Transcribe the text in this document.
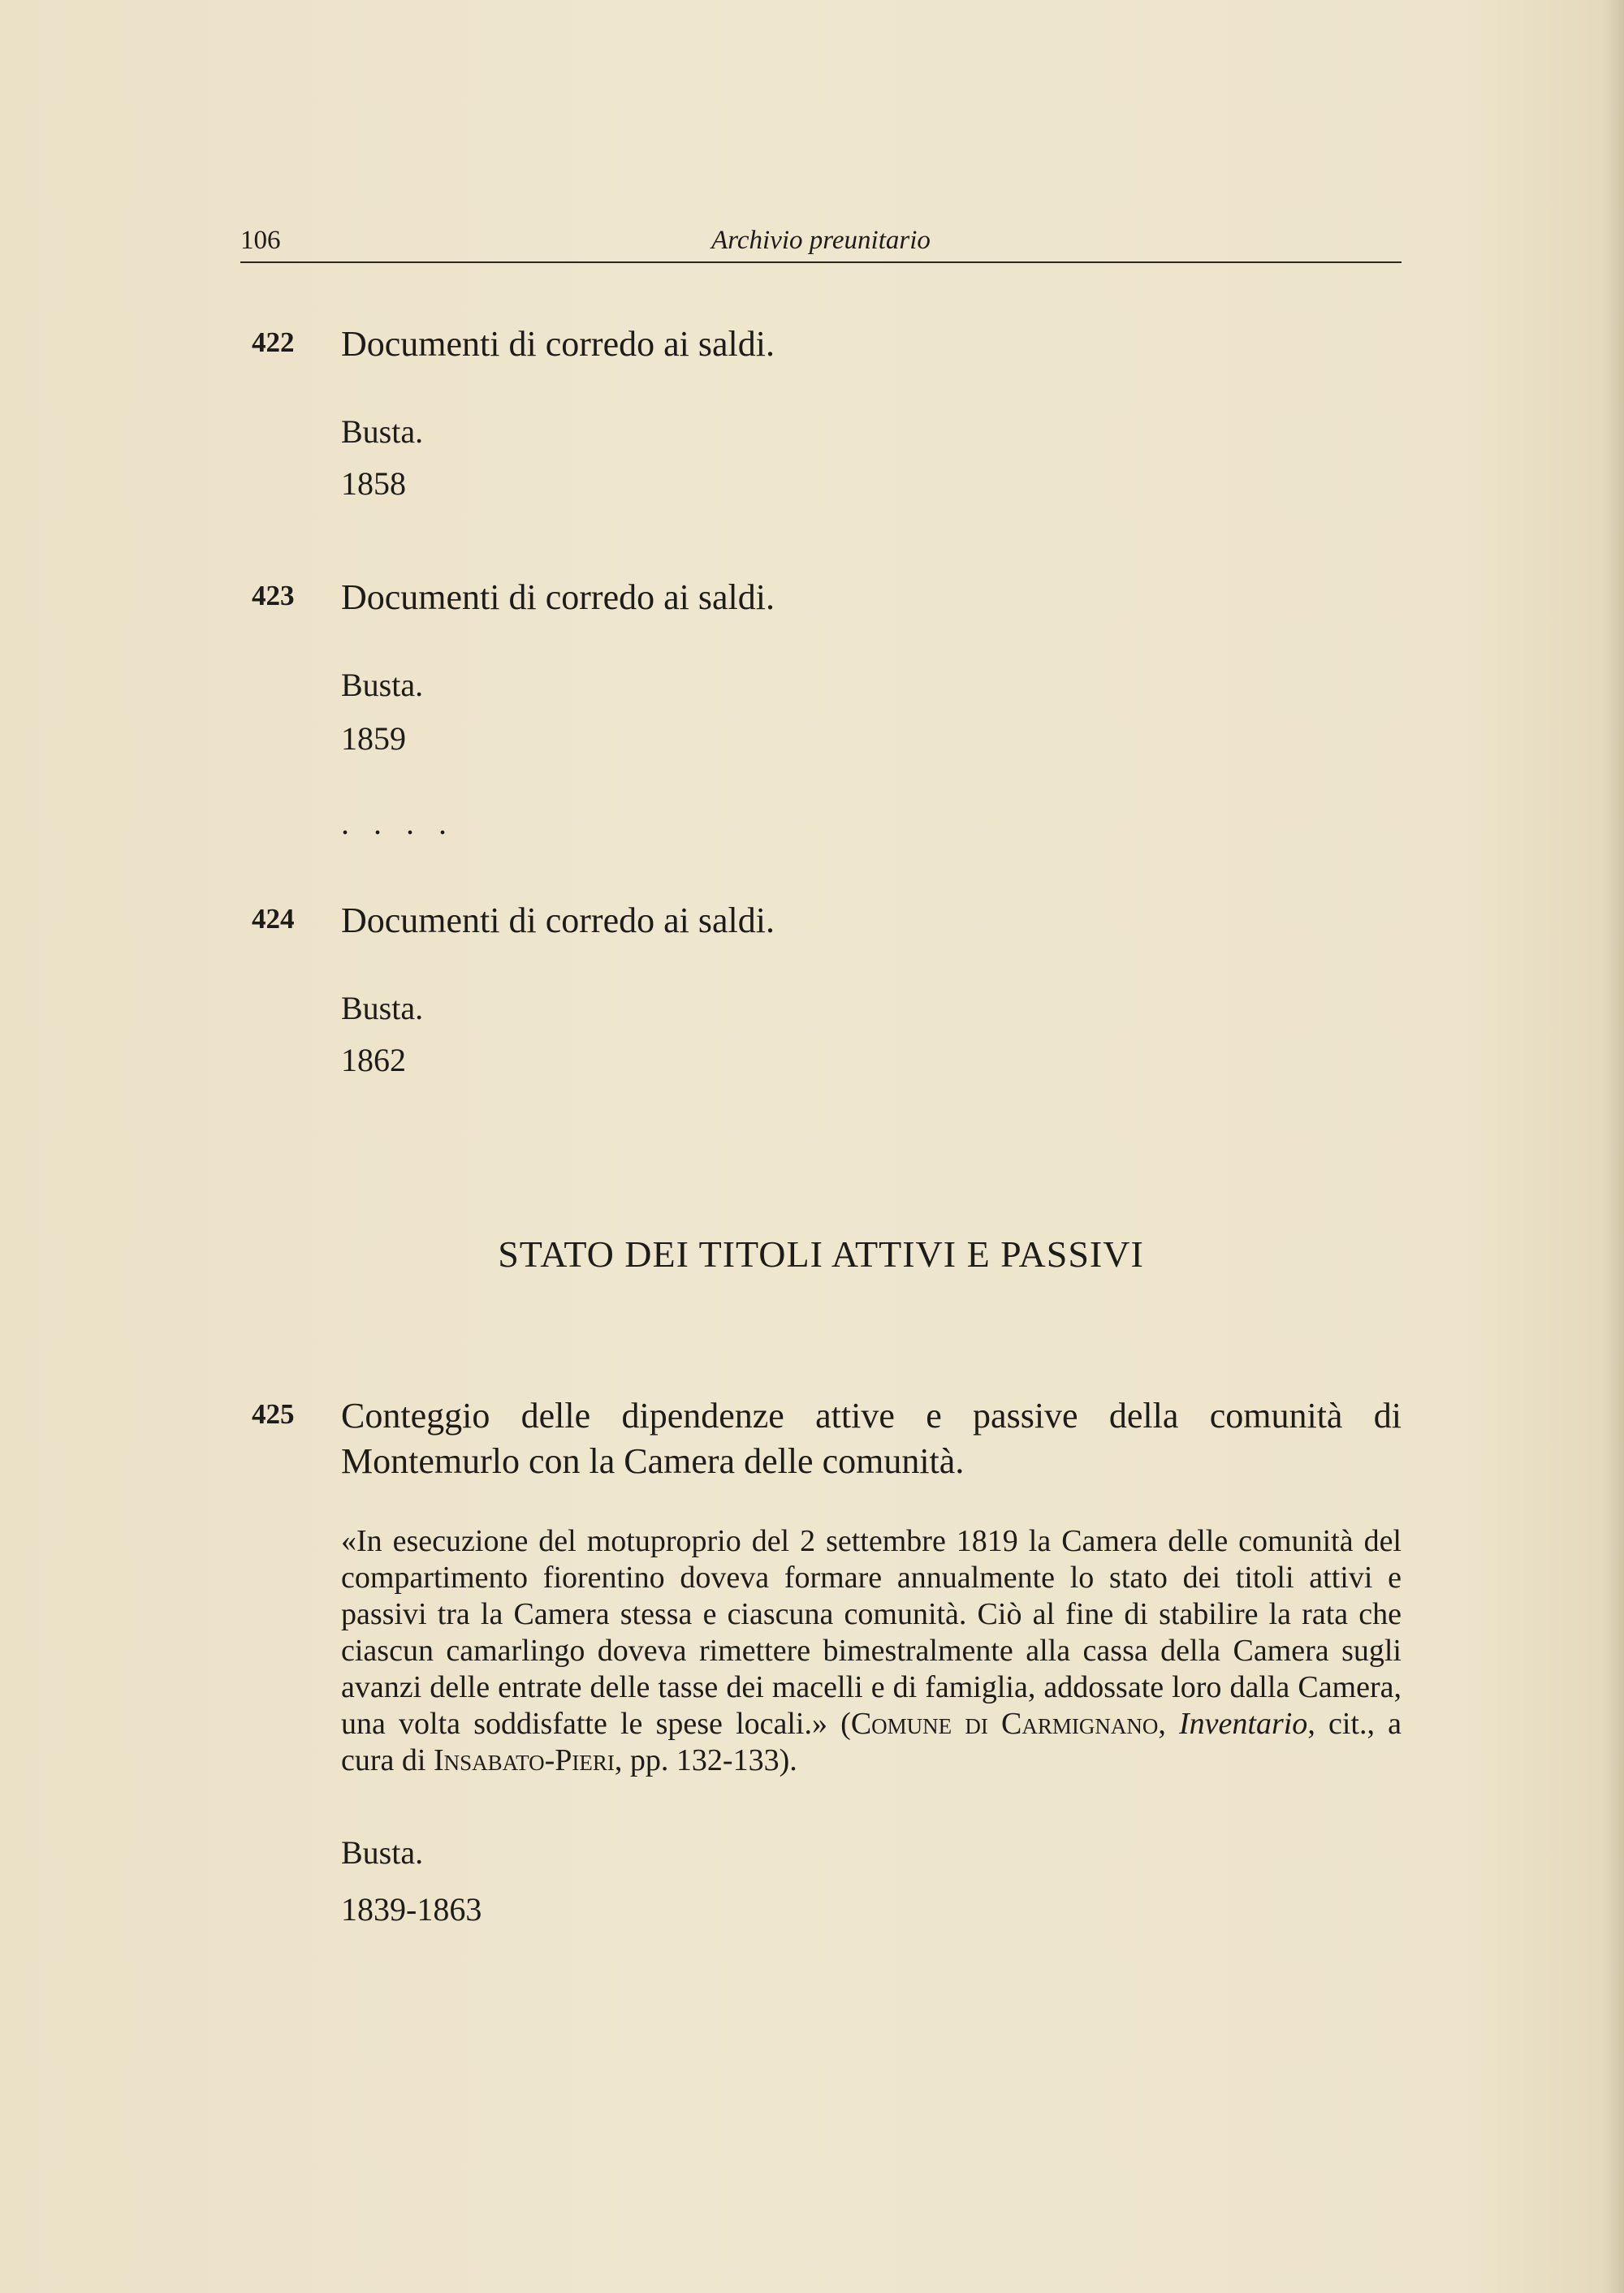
106	Archivio preunitario
422 Documenti di corredo ai saldi.
Busta.
1858
423 Documenti di corredo ai saldi.
Busta.
1859
. . . .
424 Documenti di corredo ai saldi.
Busta.
1862
STATO DEI TITOLI ATTIVI E PASSIVI
425 Conteggio delle dipendenze attive e passive della comunità di Montemurlo con la Camera delle comunità.
«In esecuzione del motuproprio del 2 settembre 1819 la Camera delle comunità del compartimento fiorentino doveva formare annualmente lo stato dei titoli attivi e passivi tra la Camera stessa e ciascuna comunità. Ciò al fine di stabilire la rata che ciascun camarlingo doveva rimettere bimestralmente alla cassa della Camera sugli avanzi delle entrate delle tasse dei macelli e di famiglia, addossate loro dalla Camera, una volta soddisfatte le spese locali.» (Comune di Carmignano, Inventario, cit., a cura di Insabato-Pieri, pp. 132-133).
Busta.
1839-1863
